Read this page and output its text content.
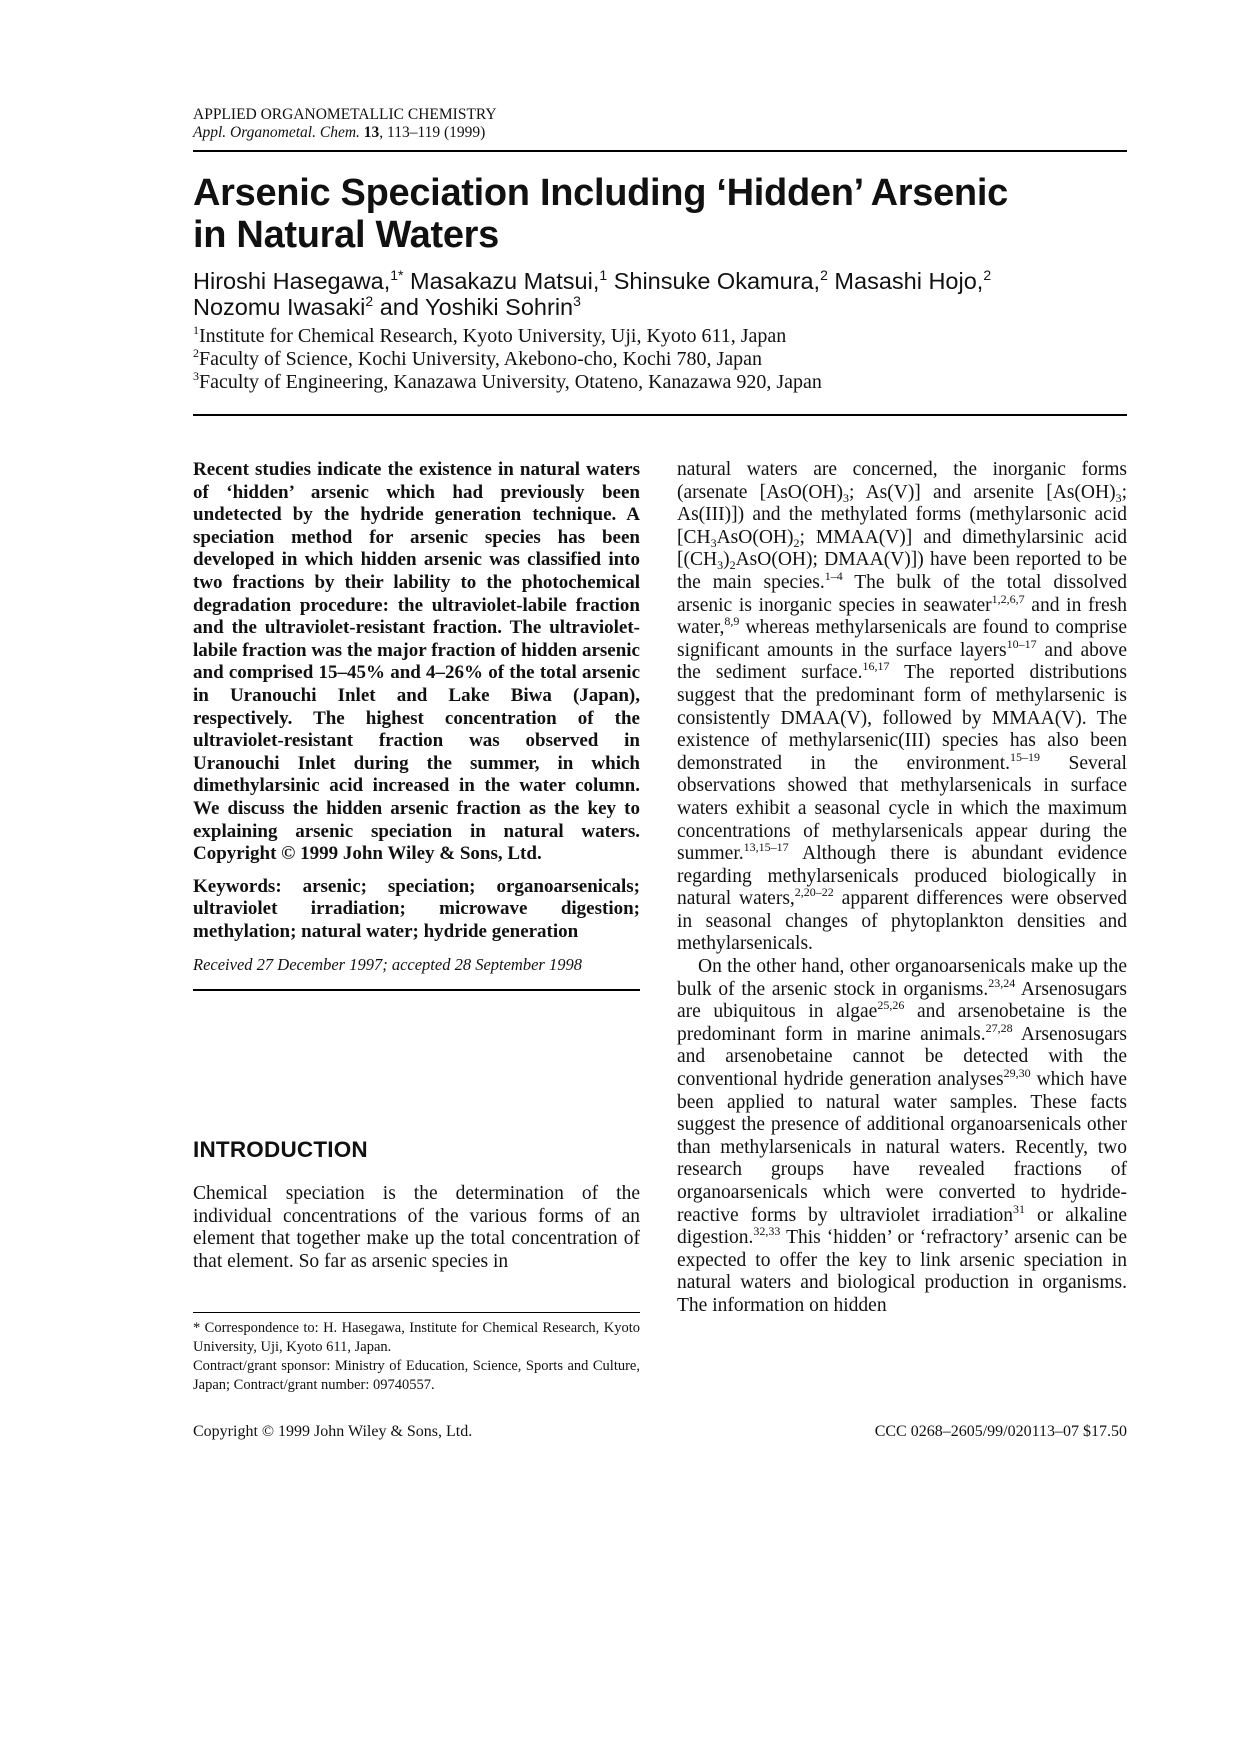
APPLIED ORGANOMETALLIC CHEMISTRY
Appl. Organometal. Chem. 13, 113–119 (1999)
Arsenic Speciation Including ‘Hidden’ Arsenic
in Natural Waters
Hiroshi Hasegawa,$^{1*}$ Masakazu Matsui,$^1$ Shinsuke Okamura,$^2$ Masashi Hojo,$^2$
Nozomu Iwasaki$^2$ and Yoshiki Sohrin$^3$
$^1$Institute for Chemical Research, Kyoto University, Uji, Kyoto 611, Japan
$^2$Faculty of Science, Kochi University, Akebono-cho, Kochi 780, Japan
$^3$Faculty of Engineering, Kanazawa University, Otateno, Kanazawa 920, Japan

Recent studies indicate the existence in natural waters of ‘hidden’ arsenic which had previously been undetected by the hydride generation technique. A speciation method for arsenic species has been developed in which hidden arsenic was classified into two fractions by their lability to the photochemical degradation procedure: the ultraviolet-labile fraction and the ultraviolet-resistant fraction. The ultraviolet-labile fraction was the major fraction of hidden arsenic and comprised 15–45% and 4–26% of the total arsenic in Uranouchi Inlet and Lake Biwa (Japan), respectively. The highest concentration of the ultraviolet-resistant fraction was observed in Uranouchi Inlet during the summer, in which dimethylarsinic acid increased in the water column. We discuss the hidden arsenic fraction as the key to explaining arsenic speciation in natural waters. Copyright © 1999 John Wiley & Sons, Ltd.

Keywords: arsenic; speciation; organoarsenicals; ultraviolet irradiation; microwave digestion; methylation; natural water; hydride generation

Received 27 December 1997; accepted 28 September 1998

INTRODUCTION

Chemical speciation is the determination of the individual concentrations of the various forms of an element that together make up the total concentration of that element. So far as arsenic species in

* Correspondence to: H. Hasegawa, Institute for Chemical Research, Kyoto University, Uji, Kyoto 611, Japan.

Contract/grant sponsor: Ministry of Education, Science, Sports and Culture, Japan; Contract/grant number: 09740557.

natural waters are concerned, the inorganic forms (arsenate [$AsO(OH)_3$; As(V)] and arsenite [$As(OH)_3$; As(III)]) and the methylated forms (methylarsonic acid [$CH_3AsO(OH)_2$; MMAA(V)] and dimethylarsinic acid [$(CH_3)_2AsO(OH)$; DMAA(V)]) have been reported to be the main species.$^{1-4}$ The bulk of the total dissolved arsenic is inorganic species in seawater$^{1,2,6,7}$ and in fresh water,$^{8,9}$ whereas methylarsenicals are found to comprise significant amounts in the surface layers$^{10-17}$ and above the sediment surface.$^{16,17}$ The reported distributions suggest that the predominant form of methylarsenic is consistently DMAA(V), followed by MMAA(V). The existence of methylarsenic(III) species has also been demonstrated in the environment.$^{15-19}$ Several observations showed that methylarsenicals in surface waters exhibit a seasonal cycle in which the maximum concentrations of methylarsenicals appear during the summer.$^{13,15-17}$ Although there is abundant evidence regarding methylarsenicals produced biologically in natural waters,$^{2,20-22}$ apparent differences were observed in seasonal changes of phytoplankton densities and methylarsenicals.

On the other hand, other organoarsenicals make up the bulk of the arsenic stock in organisms.$^{23,24}$ Arsenosugars are ubiquitous in algae$^{25,26}$ and arsenobetaine is the predominant form in marine animals.$^{27,28}$ Arsenosugars and arsenobetaine cannot be detected with the conventional hydride generation analyses$^{29,30}$ which have been applied to natural water samples. These facts suggest the presence of additional organoarsenicals other than methylarsenicals in natural waters. Recently, two research groups have revealed fractions of organoarsenicals which were converted to hydride-reactive forms by ultraviolet irradiation$^{31}$ or alkaline digestion.$^{32,33}$ This ‘hidden’ or ‘refractory’ arsenic can be expected to offer the key to link arsenic speciation in natural waters and biological production in organisms. The information on hidden

Copyright © 1999 John Wiley & Sons, Ltd.	CCC 0268–2605/99/020113–07 $17.50
